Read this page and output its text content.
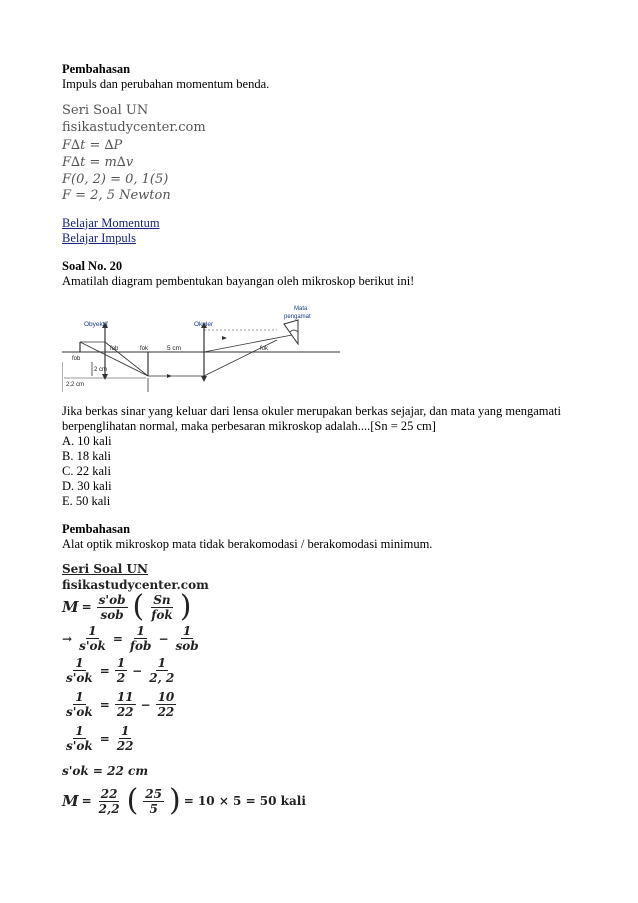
Pembahasan
Impuls dan perubahan momentum benda.
Seri Soal UN
fisikastudycenter.com
F∆t = ∆P
F∆t = m∆v
F(0, 2) = 0, 1(5)
F = 2, 5 Newton
Belajar Momentum
Belajar Impuls
Soal No. 20
Amatilah diagram pembentukan bayangan oleh mikroskop berikut ini!
Obyektif	Okuler
Mata
pengamat
fob
fob	fok	fok
5 cm
2 cm
2,2 cm
Jika berkas sinar yang keluar dari lensa okuler merupakan berkas sejajar, dan mata yang mengamati
berpenglihatan normal, maka perbesaran mikroskop adalah....[Sn = 25 cm]
A. 10 kali
B. 18 kali
C. 22 kali
D. 30 kali
E. 50 kali
Pembahasan
Alat optik mikroskop mata tidak berakomodasi / berakomodasi minimum.
Seri Soal UN
fisikastudycenter.com
$M = \frac{s'ob}{\text{sob}}$ ( $\frac{Sn}{\text{fok}}$ )
→ $\frac{1}{s'ok} = \frac{1}{\text{fob}} - \frac{1}{\text{sob}}$
$\frac{1}{s'ok} = \frac{1}{2} - \frac{1}{2, 2}$
$\frac{1}{s'ok} = \frac{11}{22} - \frac{10}{22}$
$\frac{1}{s'ok} = \frac{1}{22}$
s'ok = 22 cm
$M = \frac{22}{2,2}$ ( $\frac{25}{5}$ ) = 10 × 5 = 50 kali
